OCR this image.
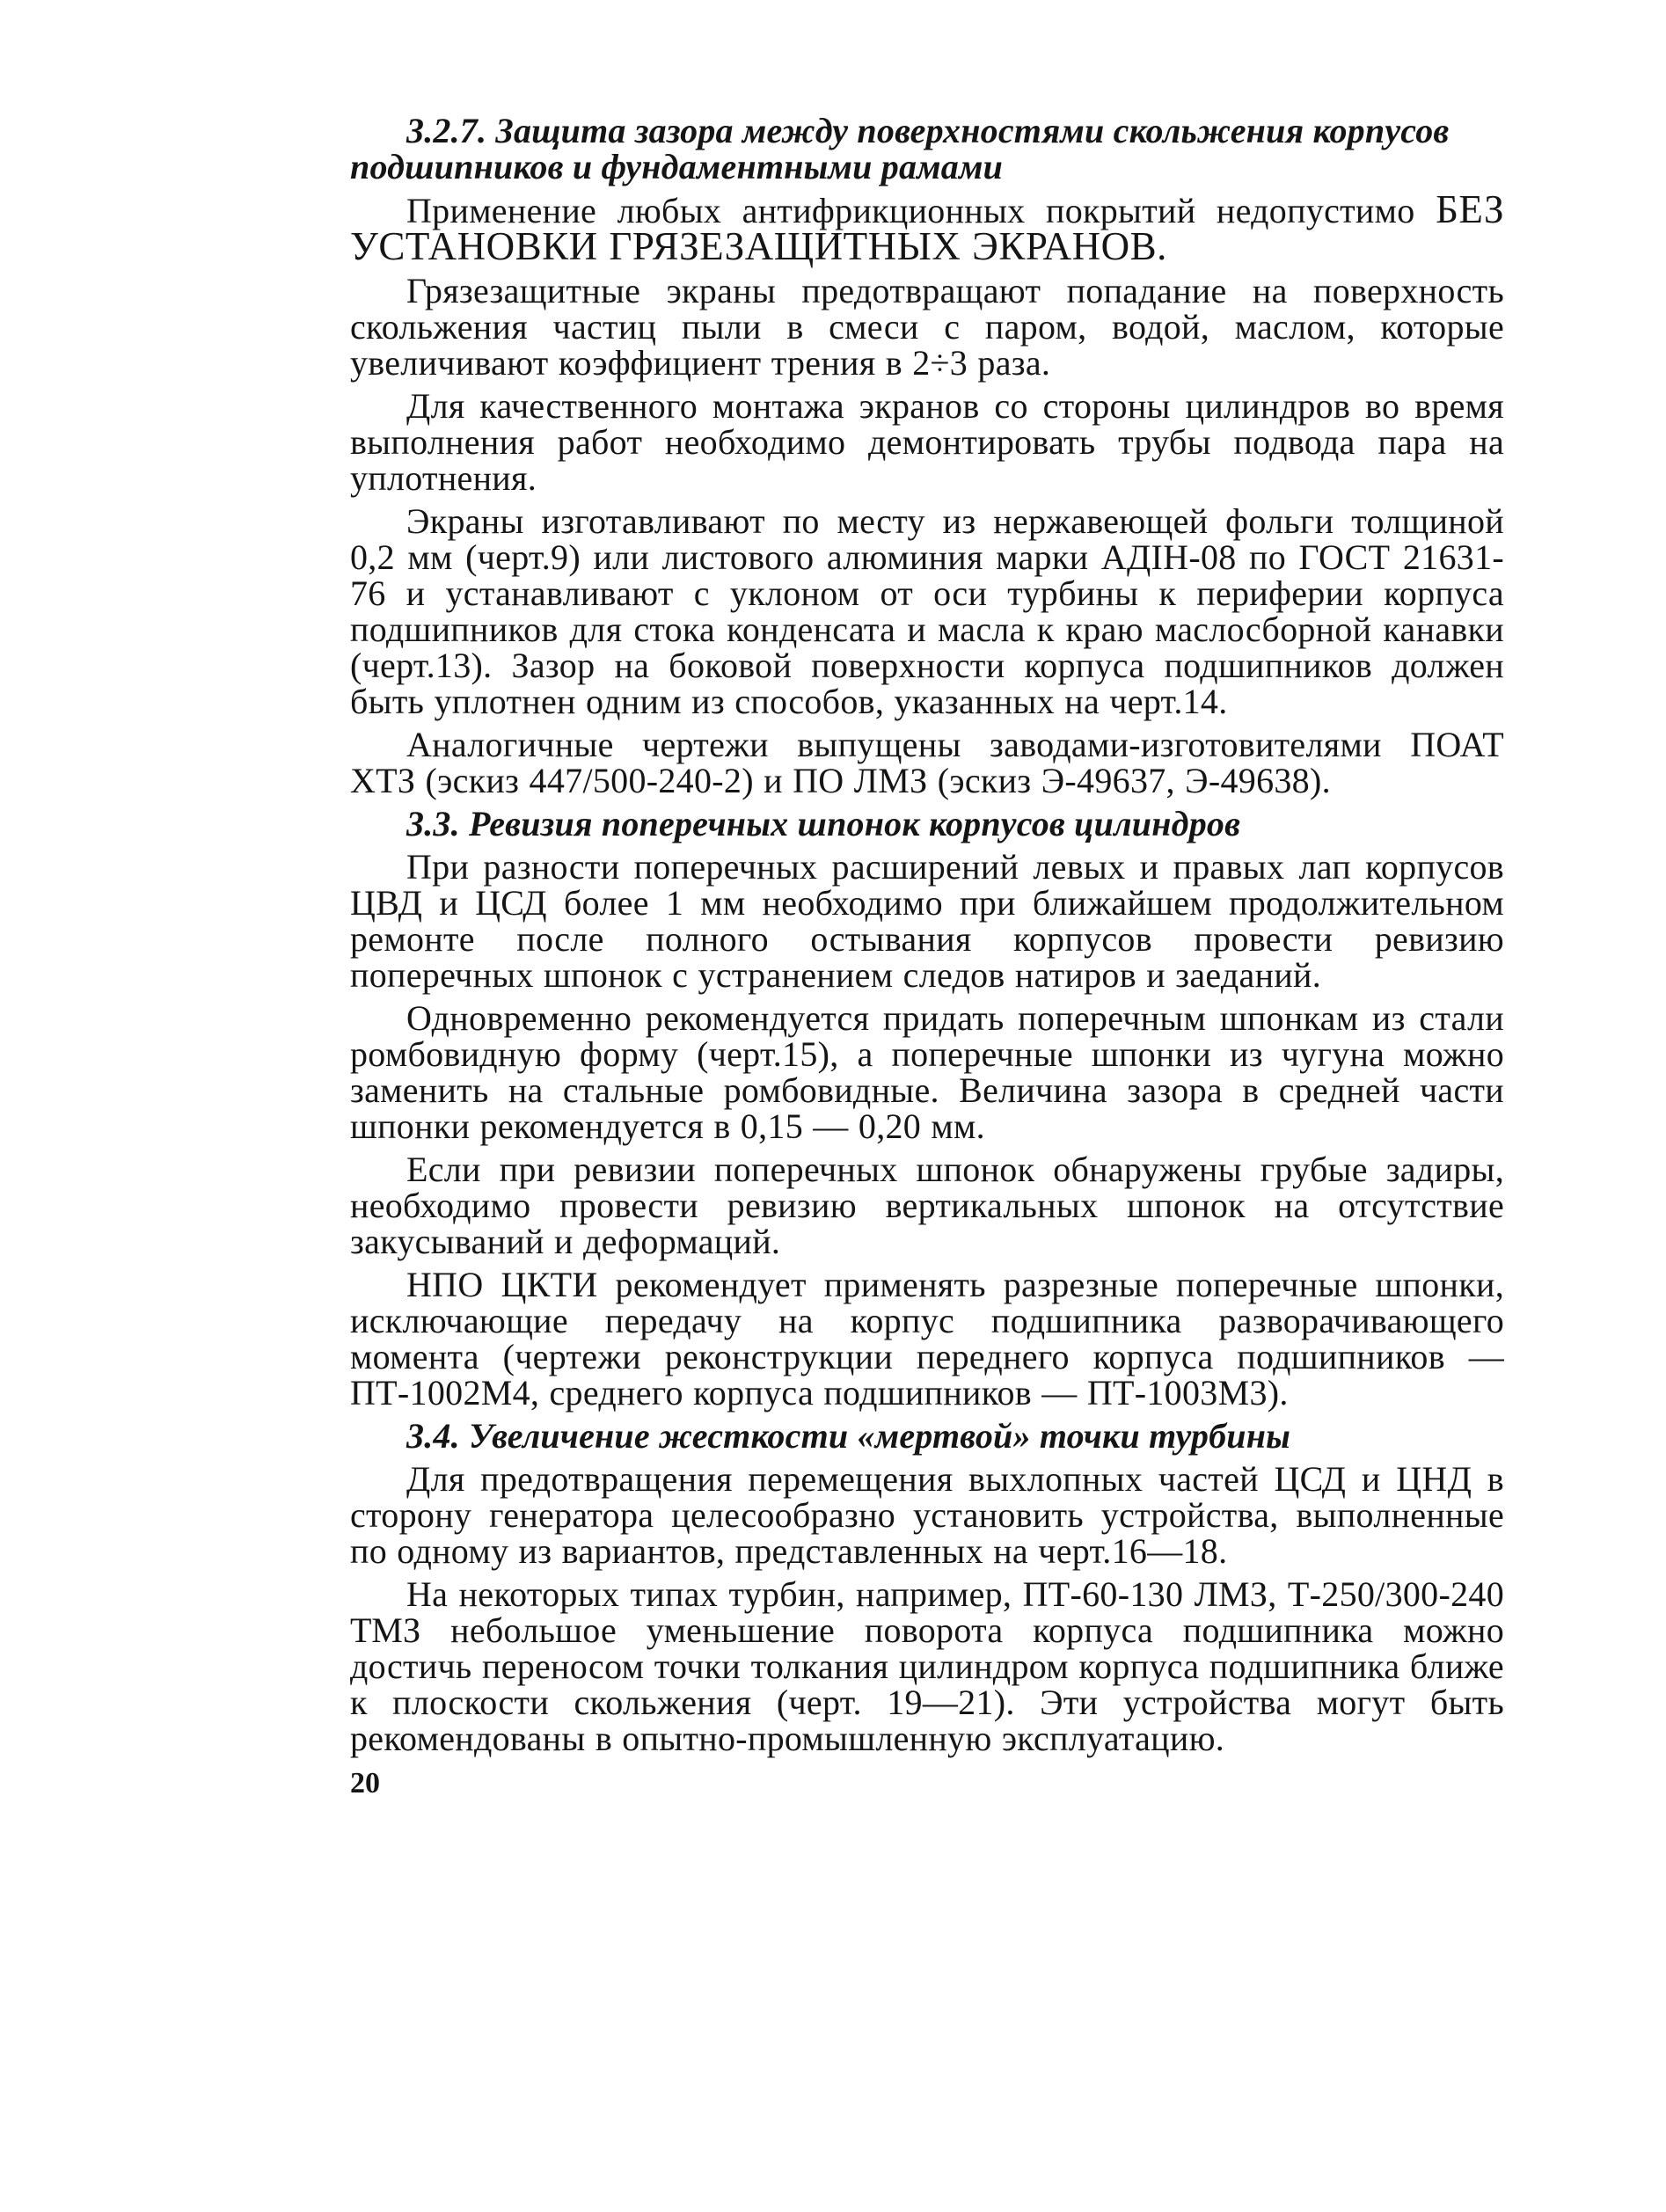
3.2.7. Защита зазора между поверхностями скольжения корпусов подшипников и фундаментными рамами

Применение любых антифрикционных покрытий недопустимо БЕЗ УСТАНОВКИ ГРЯЗЕЗАЩИТНЫХ ЭКРАНОВ.

Грязезащитные экраны предотвращают попадание на поверхность скольжения частиц пыли в смеси с паром, водой, маслом, которые увеличивают коэффициент трения в 2÷3 раза.

Для качественного монтажа экранов со стороны цилиндров во время выполнения работ необходимо демонтировать трубы подвода пара на уплотнения.

Экраны изготавливают по месту из нержавеющей фольги толщиной 0,2 мм (черт.9) или листового алюминия марки АДIН-08 по ГОСТ 21631-76 и устанавливают с уклоном от оси турбины к периферии корпуса подшипников для стока конденсата и масла к краю маслосборной канавки (черт.13). Зазор на боковой поверхности корпуса подшипников должен быть уплотнен одним из способов, указанных на черт.14.

Аналогичные чертежи выпущены заводами-изготовителями ПОАТ ХТЗ (эскиз 447/500-240-2) и ПО ЛМЗ (эскиз Э-49637, Э-49638).

3.3. Ревизия поперечных шпонок корпусов цилиндров

При разности поперечных расширений левых и правых лап корпусов ЦВД и ЦСД более 1 мм необходимо при ближайшем продолжительном ремонте после полного остывания корпусов провести ревизию поперечных шпонок с устранением следов натиров и заеданий.

Одновременно рекомендуется придать поперечным шпонкам из стали ромбовидную форму (черт.15), а поперечные шпонки из чугуна можно заменить на стальные ромбовидные. Величина зазора в средней части шпонки рекомендуется в 0,15 — 0,20 мм.

Если при ревизии поперечных шпонок обнаружены грубые задиры, необходимо провести ревизию вертикальных шпонок на отсутствие закусываний и деформаций.

НПО ЦКТИ рекомендует применять разрезные поперечные шпонки, исключающие передачу на корпус подшипника разворачивающего момента (чертежи реконструкции переднего корпуса подшипников — ПТ-1002М4, среднего корпуса подшипников — ПТ-1003М3).

3.4. Увеличение жесткости «мертвой» точки турбины

Для предотвращения перемещения выхлопных частей ЦСД и ЦНД в сторону генератора целесообразно установить устройства, выполненные по одному из вариантов, представленных на черт.16—18.

На некоторых типах турбин, например, ПТ-60-130 ЛМЗ, Т-250/300-240 ТМЗ небольшое уменьшение поворота корпуса подшипника можно достичь переносом точки толкания цилиндром корпуса подшипника ближе к плоскости скольжения (черт. 19—21). Эти устройства могут быть рекомендованы в опытно-промышленную эксплуатацию.

20
